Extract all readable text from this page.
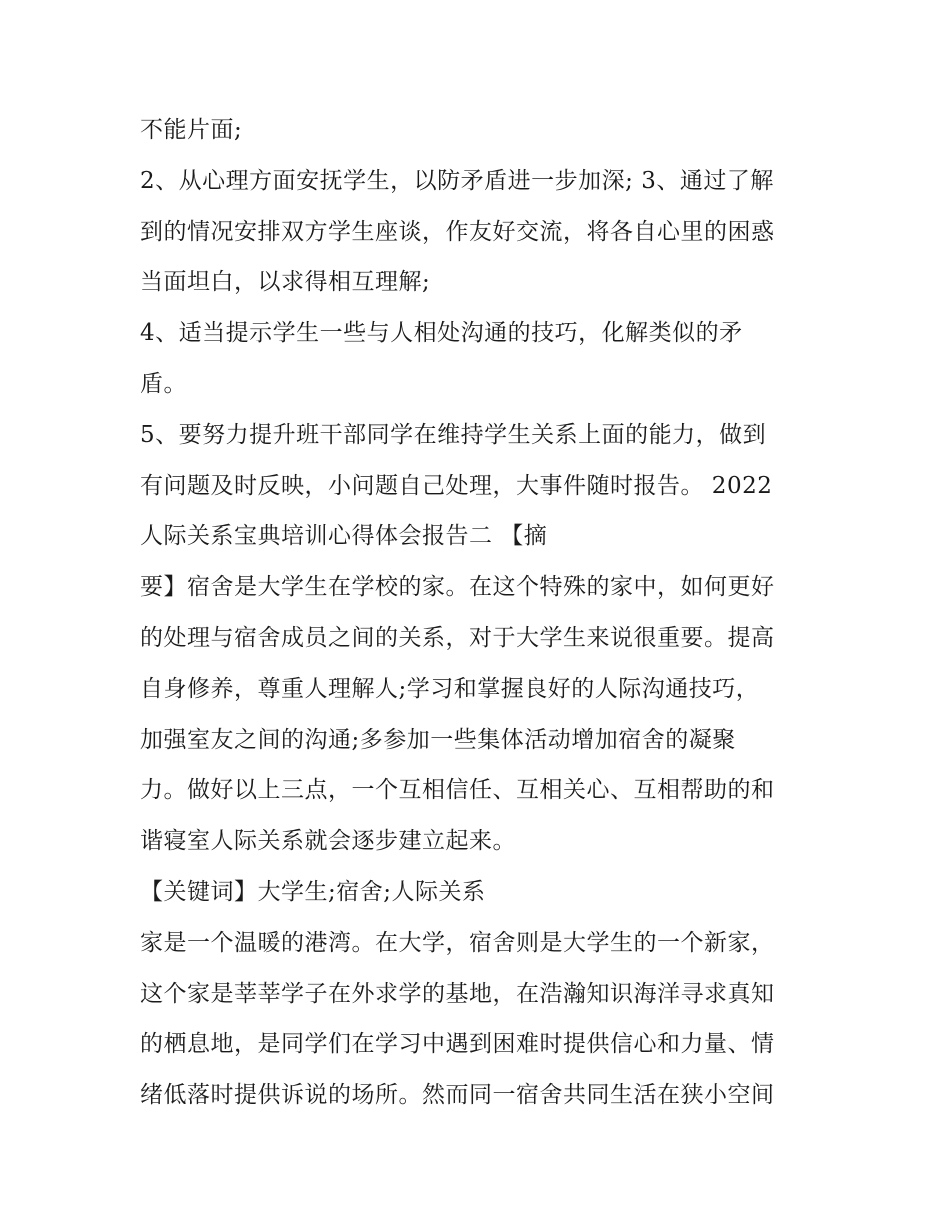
不能片面;
2、从心理方面安抚学生，以防矛盾进一步加深; 3、通过了解
到的情况安排双方学生座谈，作友好交流，将各自心里的困惑
当面坦白，以求得相互理解;
4、适当提示学生一些与人相处沟通的技巧，化解类似的矛
盾。
5、要努力提升班干部同学在维持学生关系上面的能力，做到
有问题及时反映，小问题自己处理，大事件随时报告。 2022
人际关系宝典培训心得体会报告二 【摘
要】宿舍是大学生在学校的家。在这个特殊的家中，如何更好
的处理与宿舍成员之间的关系，对于大学生来说很重要。提高
自身修养，尊重人理解人;学习和掌握良好的人际沟通技巧，
加强室友之间的沟通;多参加一些集体活动增加宿舍的凝聚
力。做好以上三点，一个互相信任、互相关心、互相帮助的和
谐寝室人际关系就会逐步建立起来。
【关键词】大学生;宿舍;人际关系
家是一个温暖的港湾。在大学，宿舍则是大学生的一个新家，
这个家是莘莘学子在外求学的基地，在浩瀚知识海洋寻求真知
的栖息地，是同学们在学习中遇到困难时提供信心和力量、情
绪低落时提供诉说的场所。然而同一宿舍共同生活在狭小空间
